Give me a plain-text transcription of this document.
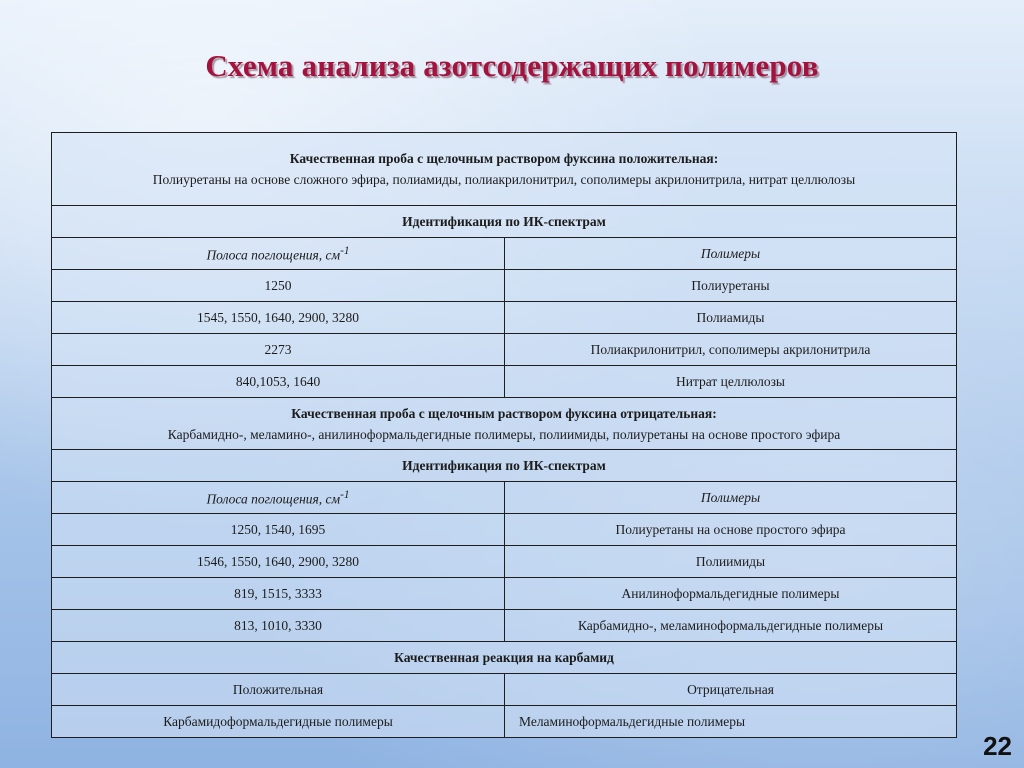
Схема анализа азотсодержащих полимеров
Качественная проба с щелочным раствором фуксина положительная:
Полиуретаны на основе сложного эфира, полиамиды, полиакрилонитрил, сополимеры акрилонитрила, нитрат целлюлозы	

Идентификация по ИК-спектрам	
Полоса поглощения, $см^{-1}$	Полимеры
1250	Полиуретаны
1545, 1550, 1640, 2900, 3280	Полиамиды
2273	Полиакрилонитрил, сополимеры акрилонитрила
840,1053, 1640	Нитрат целлюлозы

Качественная проба с щелочным раствором фуксина отрицательная:
Карбамидно-, меламино-, анилиноформальдегидные полимеры, полиимиды, полиуретаны на основе простого эфира	

Идентификация по ИК-спектрам	
Полоса поглощения, $см^{-1}$	Полимеры
1250, 1540, 1695	Полиуретаны на основе простого эфира
1546, 1550, 1640, 2900, 3280	Полиимиды
819, 1515, 3333	Анилиноформальдегидные полимеры
813, 1010, 3330	Карбамидно-, меламиноформальдегидные полимеры
Качественная реакция на карбамид	
Положительная	Отрицательная
Карбамидоформальдегидные полимеры	Меламиноформальдегидные полимеры
22
